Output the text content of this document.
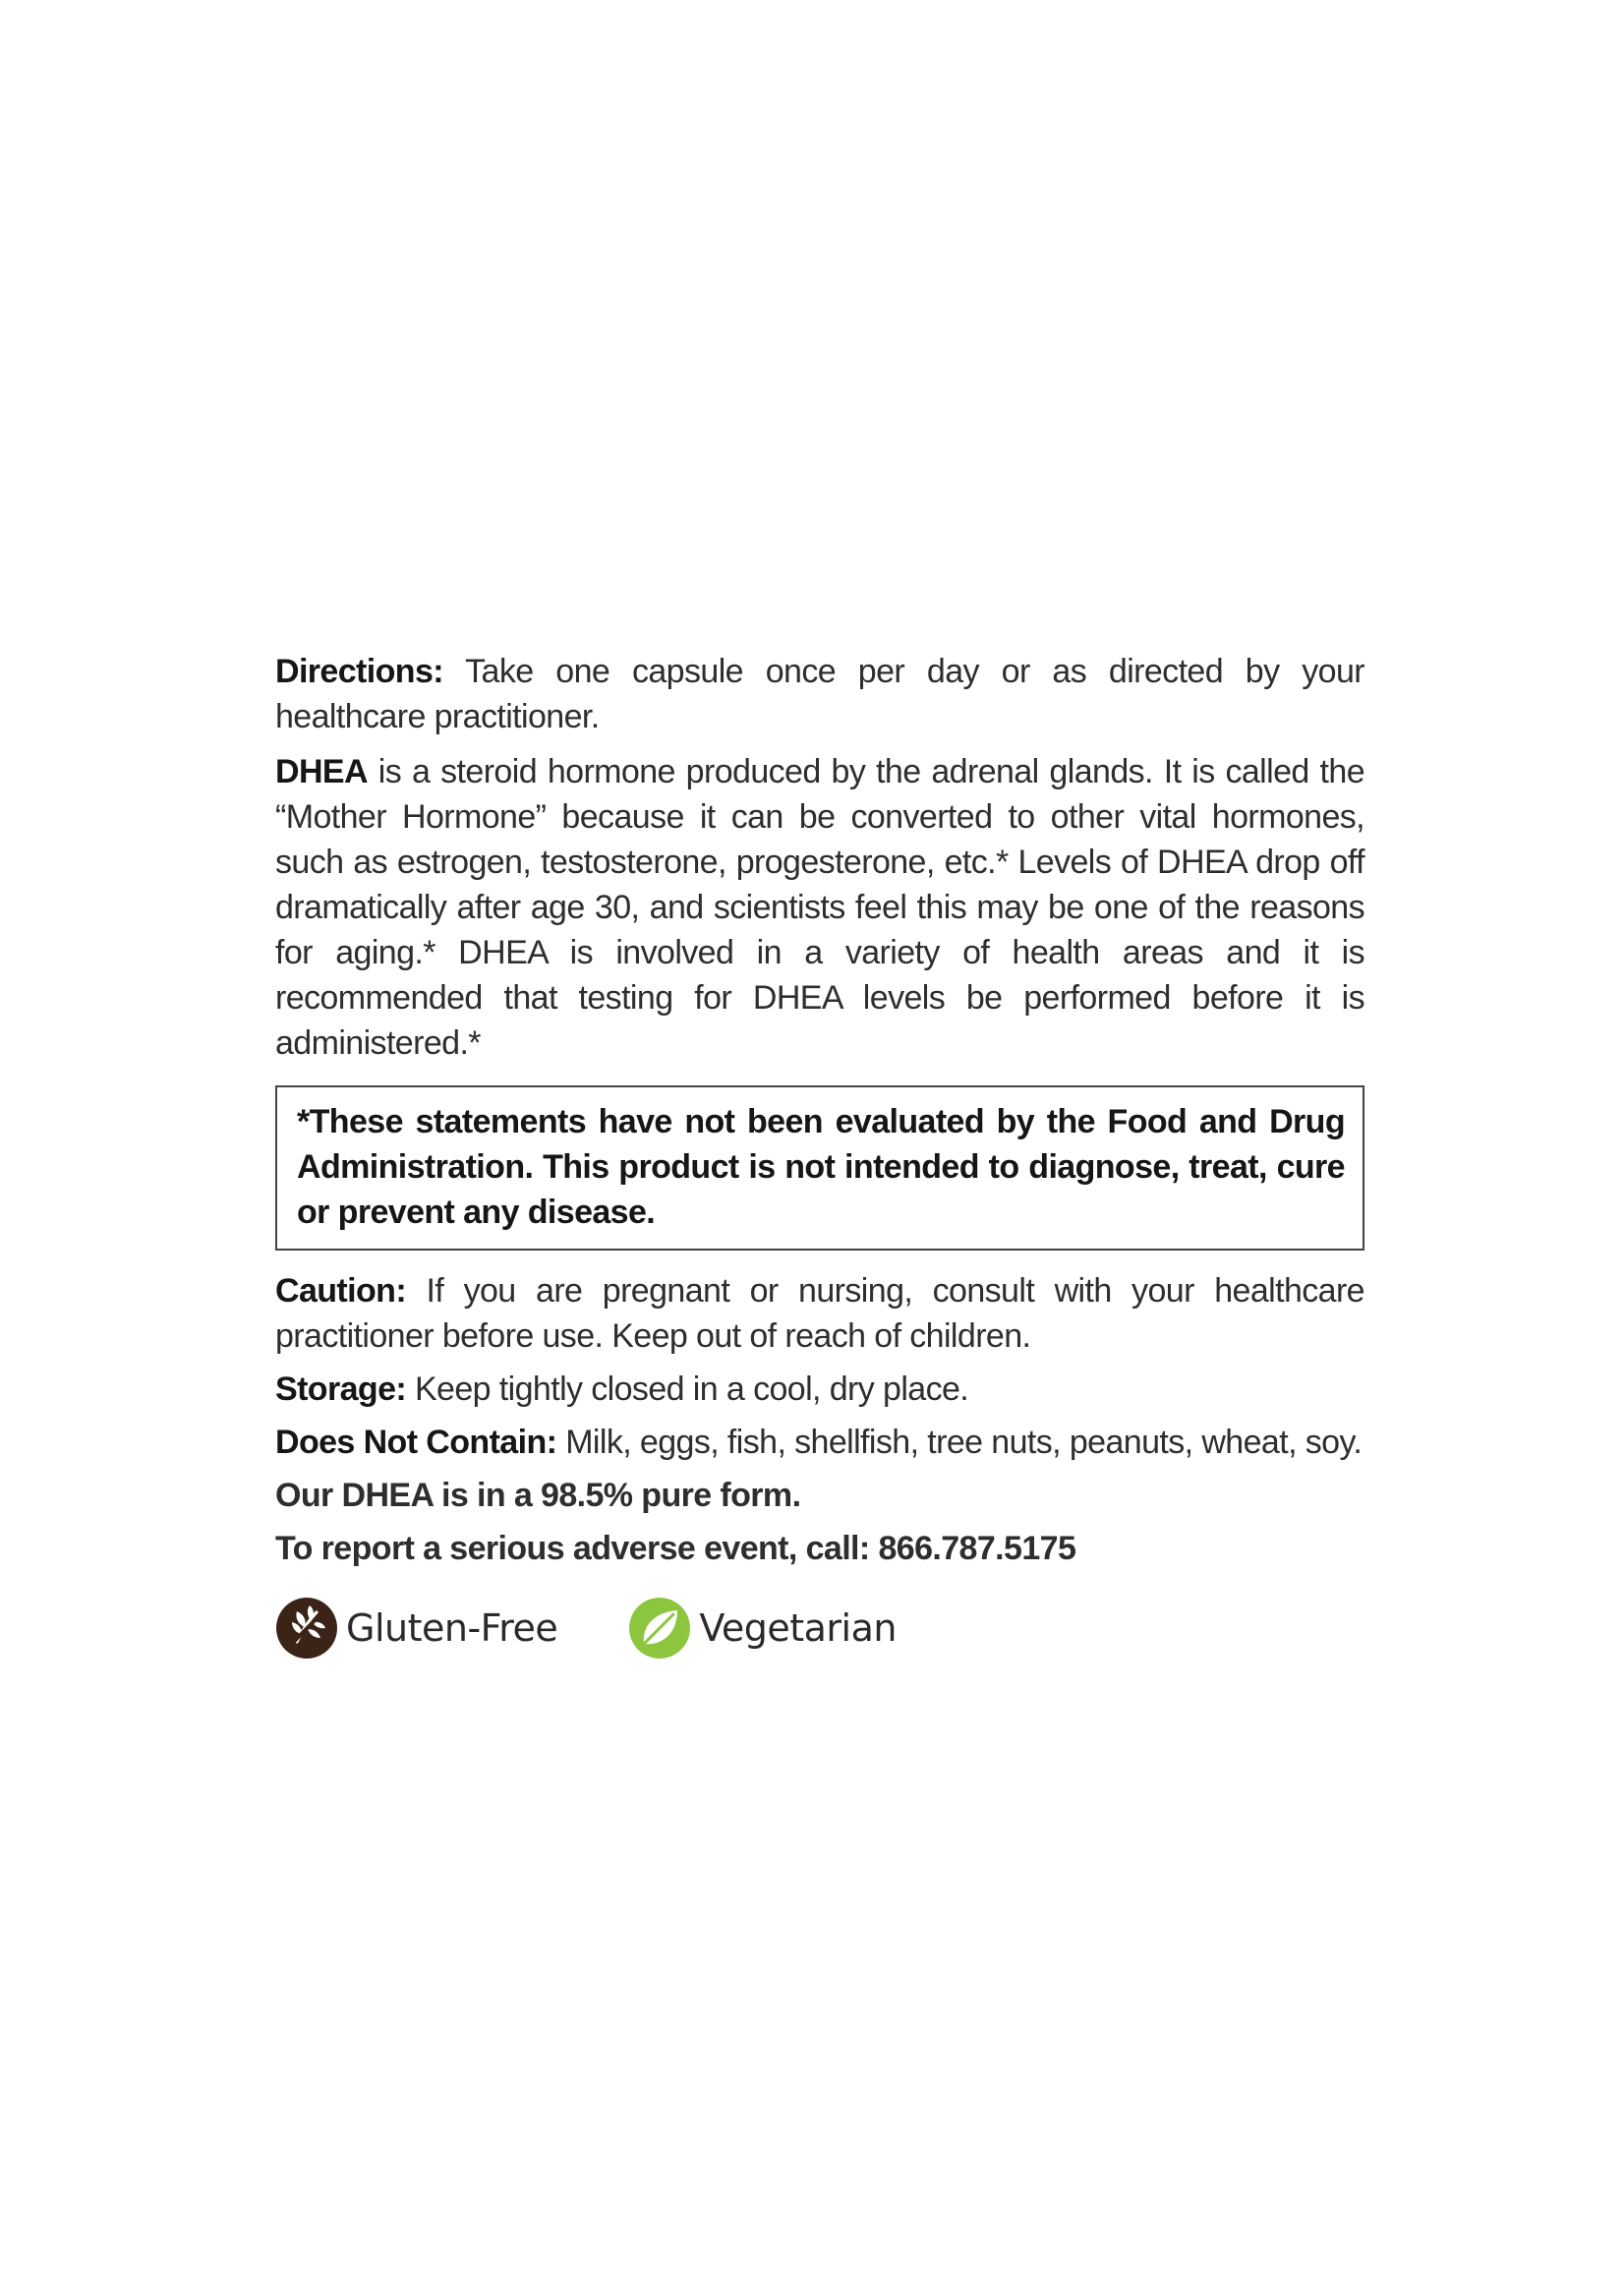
Directions: Take one capsule once per day or as directed by your healthcare practitioner.

DHEA is a steroid hormone produced by the adrenal glands. It is called the “Mother Hormone” because it can be converted to other vital hormones, such as estrogen, testosterone, progesterone, etc.* Levels of DHEA drop off dramatically after age 30, and scientists feel this may be one of the reasons for aging.* DHEA is involved in a variety of health areas and it is recommended that testing for DHEA levels be performed before it is administered.*

*These statements have not been evaluated by the Food and Drug Administration. This product is not intended to diagnose, treat, cure or prevent any disease.

Caution: If you are pregnant or nursing, consult with your healthcare practitioner before use. Keep out of reach of children.

Storage: Keep tightly closed in a cool, dry place.

Does Not Contain: Milk, eggs, fish, shellfish, tree nuts, peanuts, wheat, soy.

Our DHEA is in a 98.5% pure form.

To report a serious adverse event, call: 866.787.5175

Gluten-Free	Vegetarian
